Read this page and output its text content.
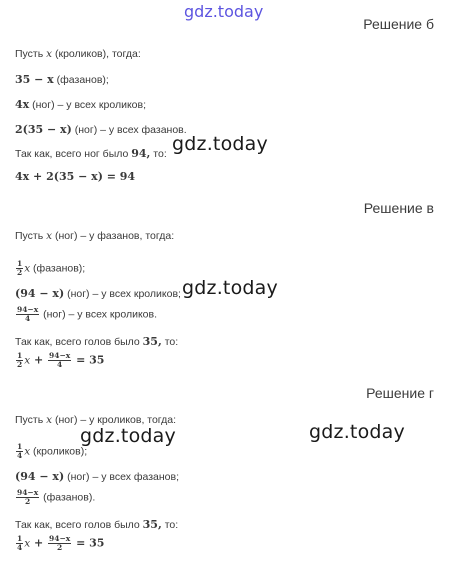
gdz.today
Решение б
Пусть x (кроликов), тогда:
35 − x (фазанов);
4x (ног) – у всех кроликов;
2(35 − x) (ног) – у всех фазанов.
Так как, всего ног было 94, то:
4x + 2(35 − x) = 94
gdz.today
Решение в
Пусть x (ног) – у фазанов, тогда:
$\frac{1}{2}$ x (фазанов);
(94 − x) (ног) – у всех кроликов;
$\frac{94-x}{4} (ног)$ – у всех кроликов.
Так как, всего голов было 35, то:
$\frac{1}{2}$ $x + \frac{94-x}{4} = 35$
gdz.today
Решение г
Пусть x (ног) – у кроликов, тогда:
$\frac{1}{4}$ x (кроликов);
(94 − x) (ног) – у всех фазанов;
$\frac{94-x}{2}$ (фазанов).
Так как, всего голов было 35, то:
$\frac{1}{4}$ $x + \frac{94-x}{2} = 35$
gdz.today	gdz.today
